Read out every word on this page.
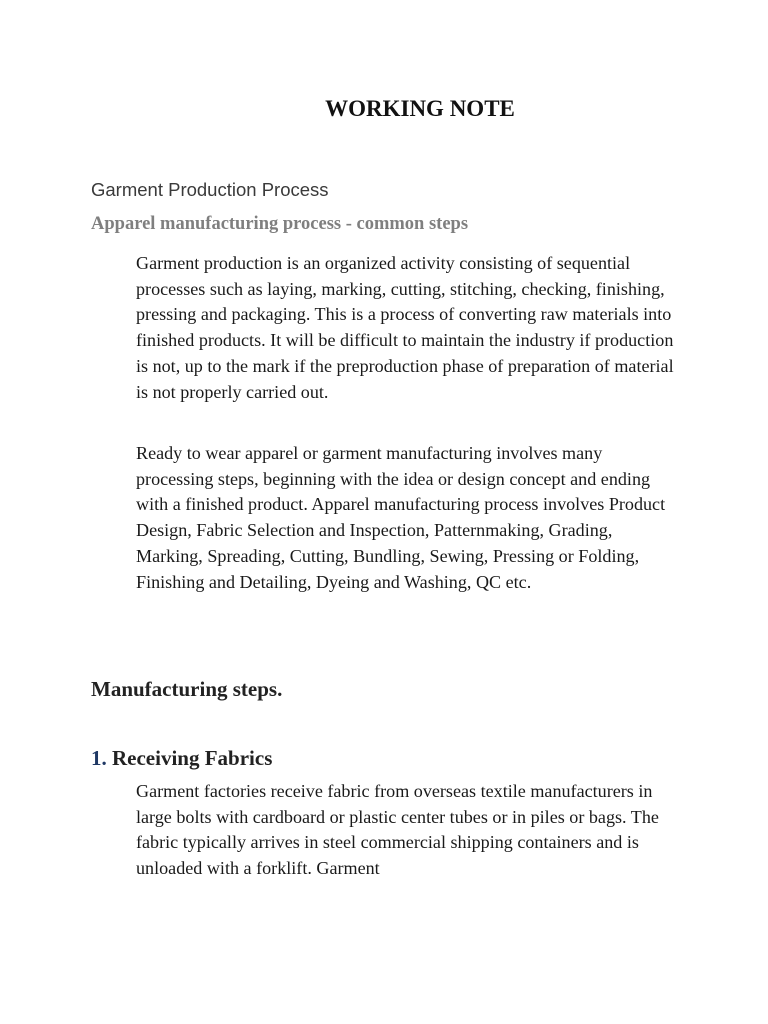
WORKING NOTE
Garment Production Process
Apparel manufacturing process - common steps

Garment production is an organized activity consisting of sequential processes such as laying, marking, cutting, stitching, checking, finishing, pressing and packaging. This is a process of converting raw materials into finished products. It will be difficult to maintain the industry if production is not, up to the mark if the preproduction phase of preparation of material is not properly carried out.

Ready to wear apparel or garment manufacturing involves many processing steps, beginning with the idea or design concept and ending with a finished product. Apparel manufacturing process involves Product Design, Fabric Selection and Inspection, Patternmaking, Grading, Marking, Spreading, Cutting, Bundling, Sewing, Pressing or Folding, Finishing and Detailing, Dyeing and Washing, QC etc.

Manufacturing steps.
1. Receiving Fabrics

Garment factories receive fabric from overseas textile manufacturers in large bolts with cardboard or plastic center tubes or in piles or bags. The fabric typically arrives in steel commercial shipping containers and is unloaded with a forklift. Garment
